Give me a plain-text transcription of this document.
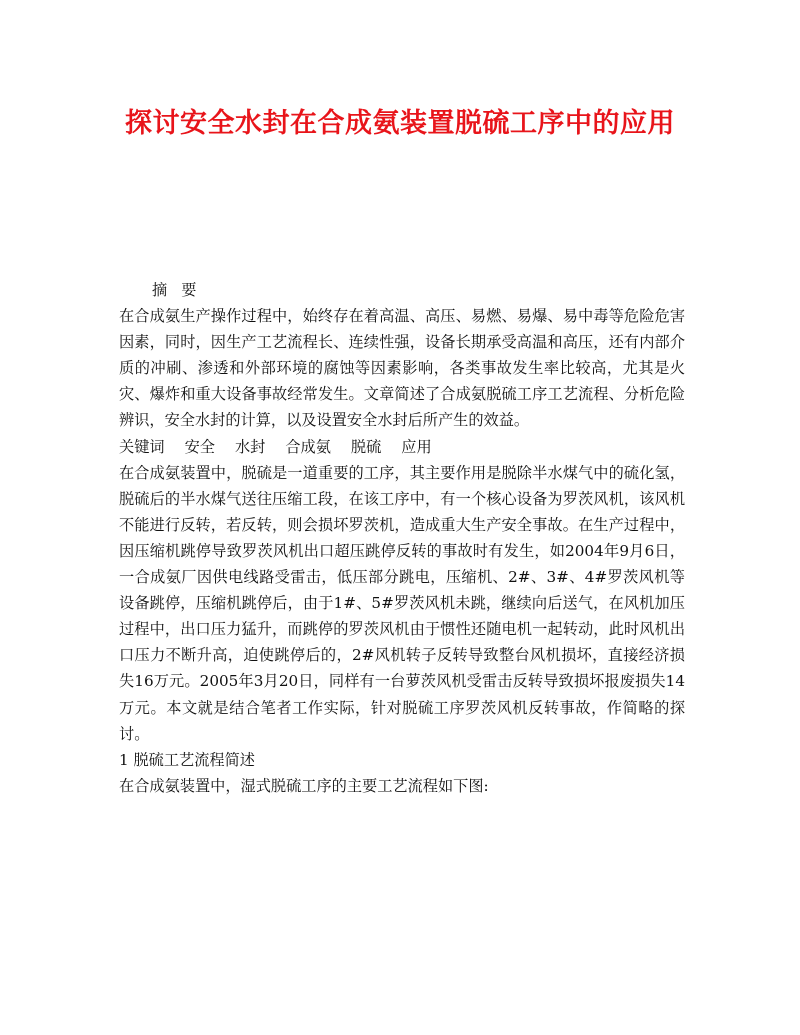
探讨安全水封在合成氨装置脱硫工序中的应用

摘要

在合成氨生产操作过程中，始终存在着高温、高压、易燃、易爆、易中毒等危险危害因素，同时，因生产工艺流程长、连续性强，设备长期承受高温和高压，还有内部介质的冲刷、渗透和外部环境的腐蚀等因素影响，各类事故发生率比较高，尤其是火灾、爆炸和重大设备事故经常发生。文章简述了合成氨脱硫工序工艺流程、分析危险辨识，安全水封的计算，以及设置安全水封后所产生的效益。

关键词 安全 水封 合成氨 脱硫 应用

在合成氨装置中，脱硫是一道重要的工序，其主要作用是脱除半水煤气中的硫化氢，脱硫后的半水煤气送往压缩工段，在该工序中，有一个核心设备为罗茨风机，该风机不能进行反转，若反转，则会损坏罗茨机，造成重大生产安全事故。在生产过程中，因压缩机跳停导致罗茨风机出口超压跳停反转的事故时有发生，如2004年9月6日，一合成氨厂因供电线路受雷击，低压部分跳电，压缩机、2#、3#、4#罗茨风机等设备跳停，压缩机跳停后，由于1#、5#罗茨风机未跳，继续向后送气，在风机加压过程中，出口压力猛升，而跳停的罗茨风机由于惯性还随电机一起转动，此时风机出口压力不断升高，迫使跳停后的，2#风机转子反转导致整台风机损坏，直接经济损失16万元。2005年3月20日，同样有一台萝茨风机受雷击反转导致损坏报废损失14万元。本文就是结合笔者工作实际，针对脱硫工序罗茨风机反转事故，作简略的探讨。

1 脱硫工艺流程简述

在合成氨装置中，湿式脱硫工序的主要工艺流程如下图:
